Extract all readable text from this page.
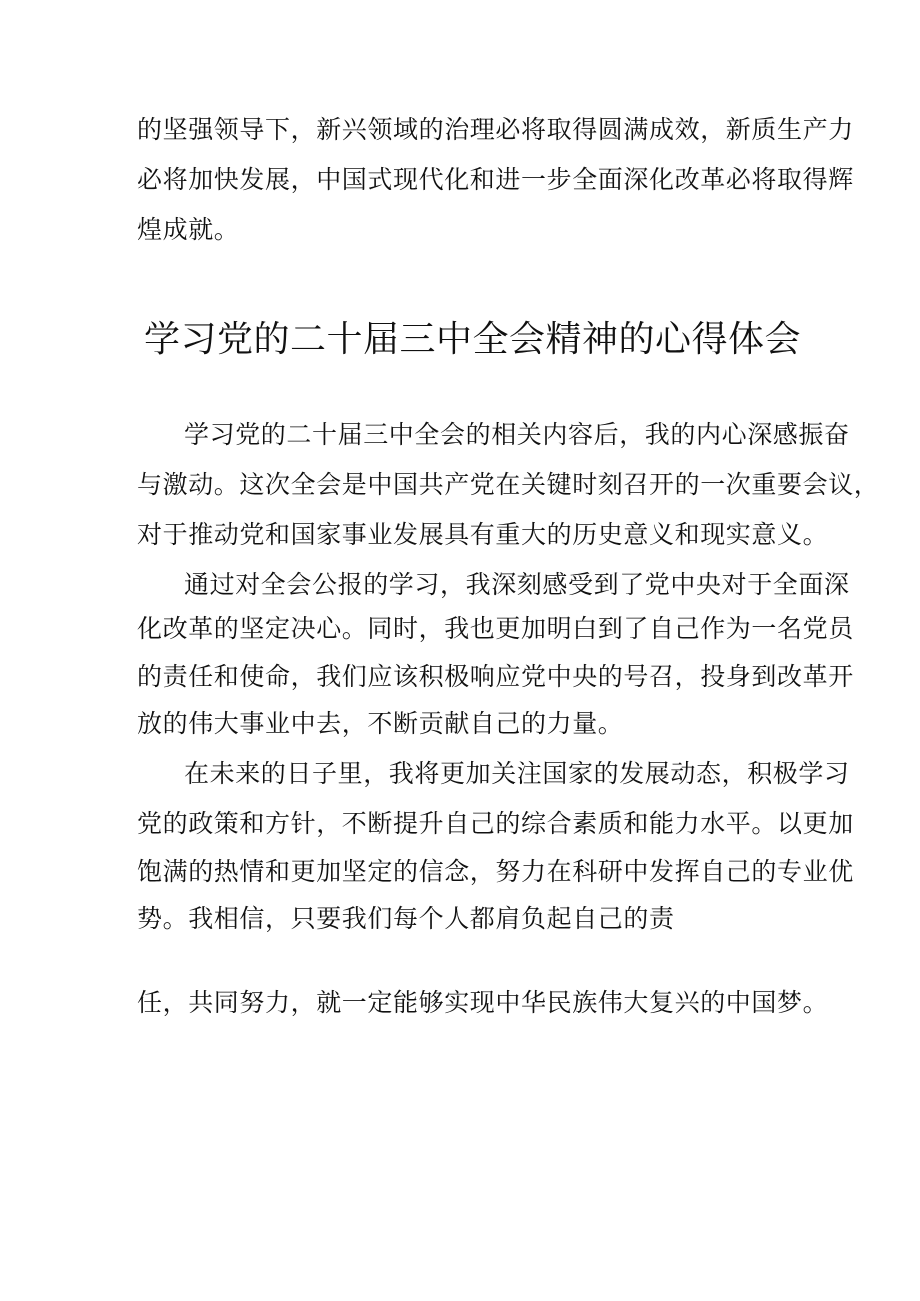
的坚强领导下，新兴领域的治理必将取得圆满成效，新质生产力
必将加快发展，中国式现代化和进一步全面深化改革必将取得辉
煌成就。
学习党的二十届三中全会精神的心得体会
学习党的二十届三中全会的相关内容后，我的内心深感振奋
与激动。这次全会是中国共产党在关键时刻召开的一次重要会议，
对于推动党和国家事业发展具有重大的历史意义和现实意义。
通过对全会公报的学习，我深刻感受到了党中央对于全面深
化改革的坚定决心。同时，我也更加明白到了自己作为一名党员
的责任和使命，我们应该积极响应党中央的号召，投身到改革开
放的伟大事业中去，不断贡献自己的力量。
在未来的日子里，我将更加关注国家的发展动态，积极学习
党的政策和方针，不断提升自己的综合素质和能力水平。以更加
饱满的热情和更加坚定的信念，努力在科研中发挥自己的专业优
势。我相信，只要我们每个人都肩负起自己的责
任，共同努力，就一定能够实现中华民族伟大复兴的中国梦。
